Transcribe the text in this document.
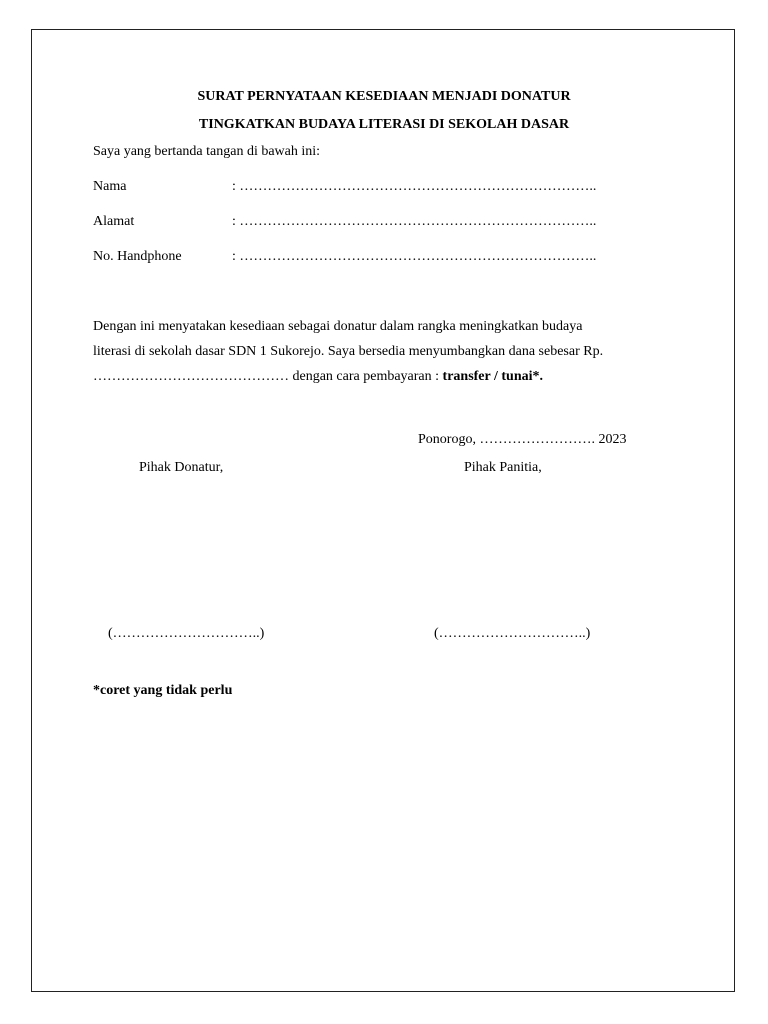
SURAT PERNYATAAN KESEDIAAN MENJADI DONATUR
TINGKATKAN BUDAYA LITERASI DI SEKOLAH DASAR
Saya yang bertanda tangan di bawah ini:
Nama	: …………………………………………………………………..
Alamat	: …………………………………………………………………..
No. Handphone	: …………………………………………………………………..
Dengan ini menyatakan kesediaan sebagai donatur dalam rangka meningkatkan budaya
literasi di sekolah dasar SDN 1 Sukorejo. Saya bersedia menyumbangkan dana sebesar Rp.
…………………………………… dengan cara pembayaran : transfer / tunai*.
Ponorogo, ……………………. 2023
Pihak Donatur,	Pihak Panitia,
(…………………………..)	(…………………………..)
*coret yang tidak perlu
